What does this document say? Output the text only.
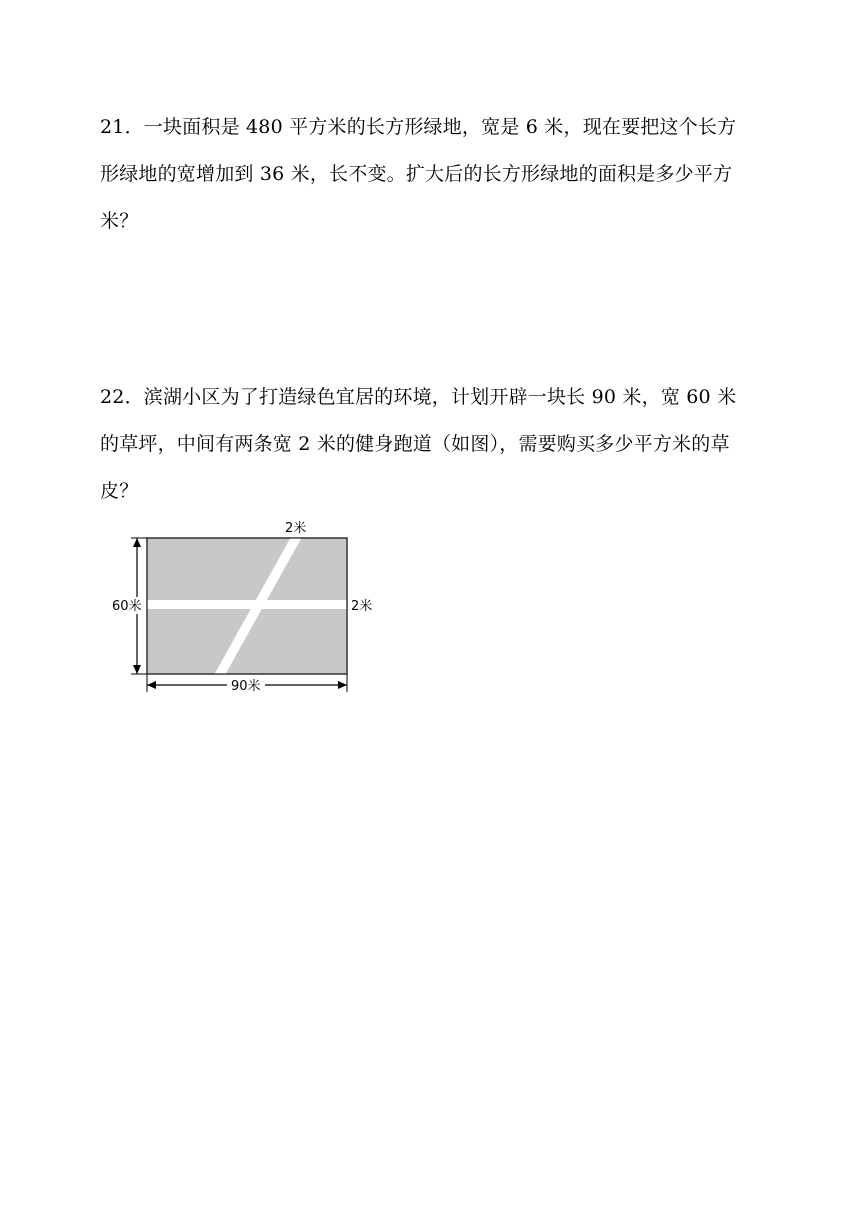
21．一块面积是 480 平方米的长方形绿地，宽是 6 米，现在要把这个长方
形绿地的宽增加到 36 米，长不变。扩大后的长方形绿地的面积是多少平方
米？
22．滨湖小区为了打造绿色宜居的环境，计划开辟一块长 90 米，宽 60 米
的草坪，中间有两条宽 2 米的健身跑道（如图），需要购买多少平方米的草
皮？
60米
90米
2米
2米
